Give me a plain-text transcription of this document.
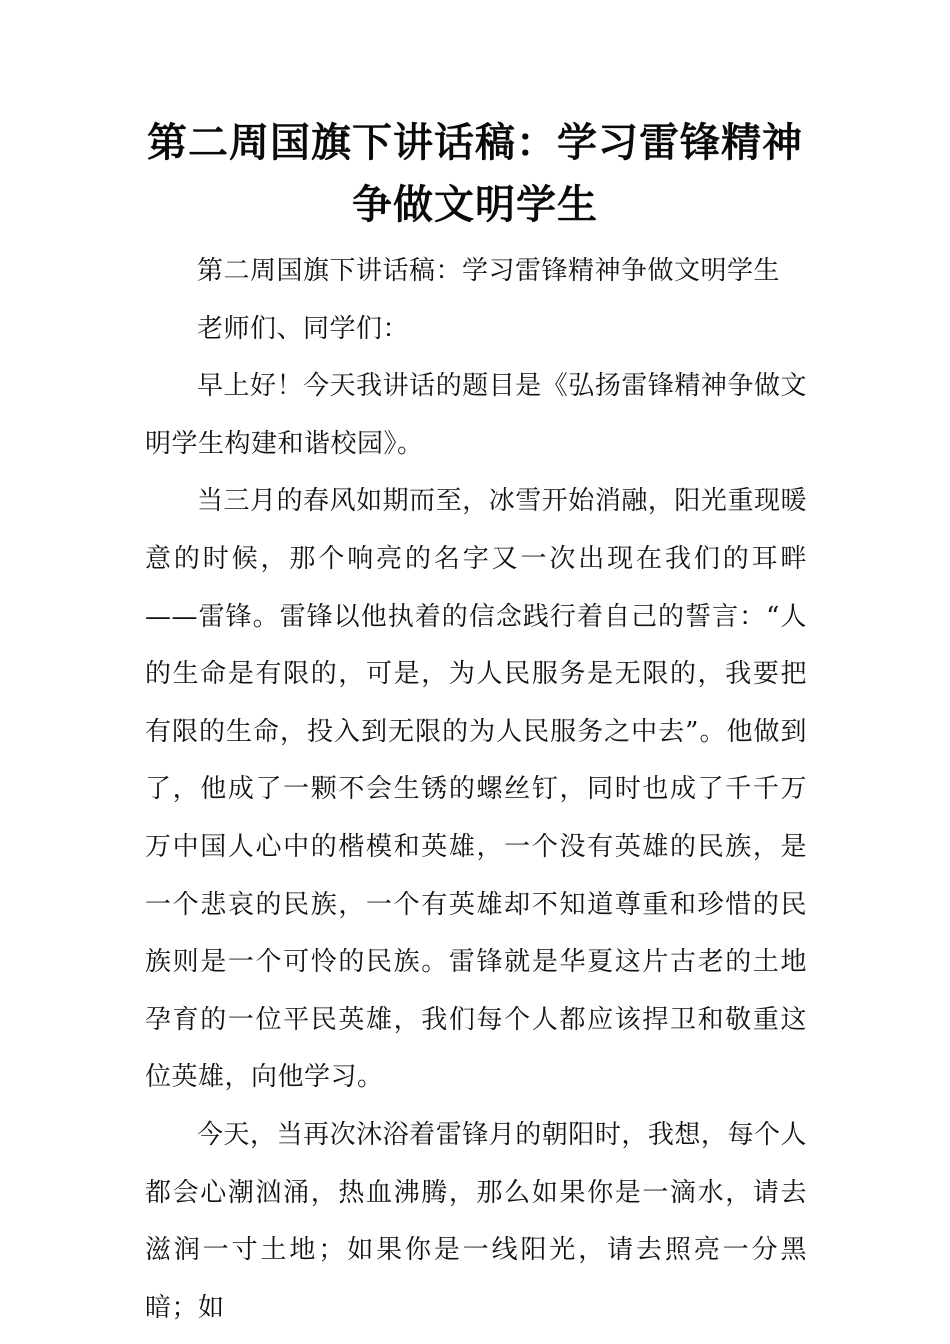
第二周国旗下讲话稿：学习雷锋精神
争做文明学生

第二周国旗下讲话稿：学习雷锋精神争做文明学生

老师们、同学们：

早上好！今天我讲话的题目是《弘扬雷锋精神争做文明学生构建和谐校园》。

当三月的春风如期而至，冰雪开始消融，阳光重现暖意的时候，那个响亮的名字又一次出现在我们的耳畔——雷锋。雷锋以他执着的信念践行着自己的誓言：“人的生命是有限的，可是，为人民服务是无限的，我要把有限的生命，投入到无限的为人民服务之中去”。他做到了，他成了一颗不会生锈的螺丝钉，同时也成了千千万万中国人心中的楷模和英雄，一个没有英雄的民族，是一个悲哀的民族，一个有英雄却不知道尊重和珍惜的民族则是一个可怜的民族。雷锋就是华夏这片古老的土地孕育的一位平民英雄，我们每个人都应该捍卫和敬重这位英雄，向他学习。

今天，当再次沐浴着雷锋月的朝阳时，我想，每个人都会心潮汹涌，热血沸腾，那么如果你是一滴水，请去滋润一寸土地；如果你是一线阳光，请去照亮一分黑暗；如
